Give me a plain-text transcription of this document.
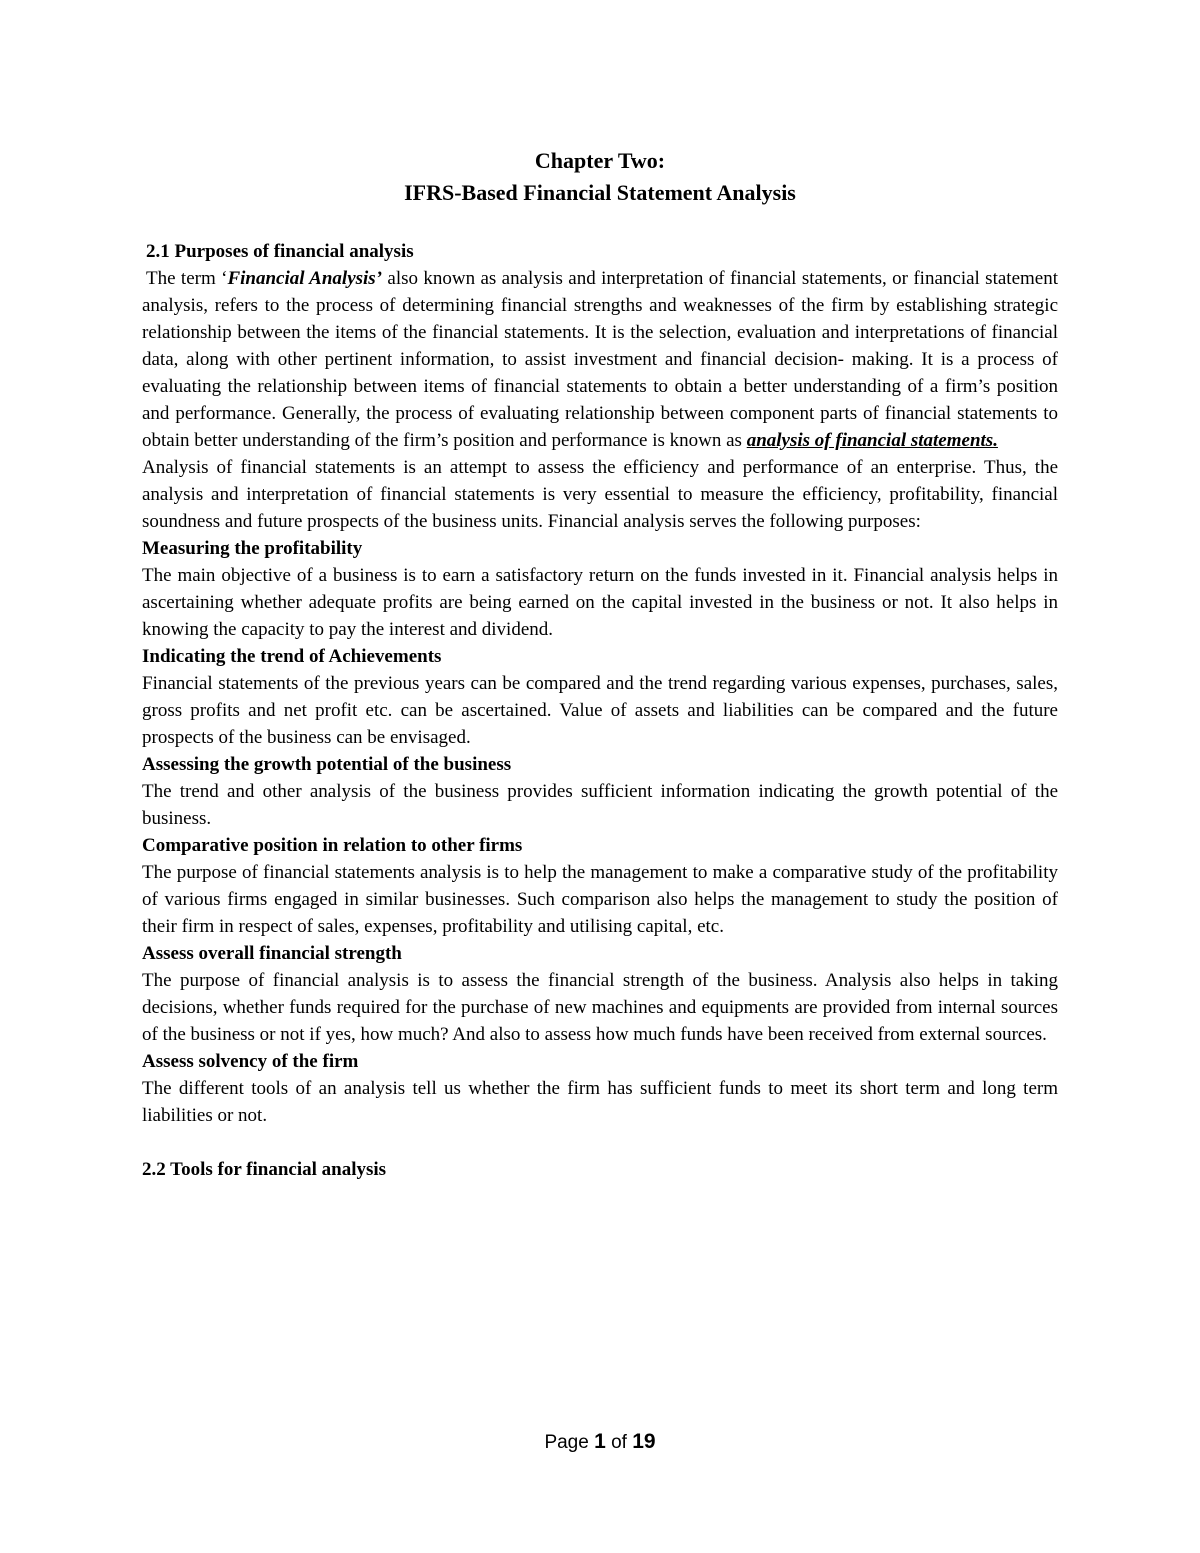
Chapter Two:
IFRS-Based Financial Statement Analysis
2.1 Purposes of financial analysis

The term ‘Financial Analysis’ also known as analysis and interpretation of financial statements, or financial statement analysis, refers to the process of determining financial strengths and weaknesses of the firm by establishing strategic relationship between the items of the financial statements. It is the selection, evaluation and interpretations of financial data, along with other pertinent information, to assist investment and financial decision- making. It is a process of evaluating the relationship between items of financial statements to obtain a better understanding of a firm’s position and performance. Generally, the process of evaluating relationship between component parts of financial statements to obtain better understanding of the firm’s position and performance is known as analysis of financial statements.

Analysis of financial statements is an attempt to assess the efficiency and performance of an enterprise. Thus, the analysis and interpretation of financial statements is very essential to measure the efficiency, profitability, financial soundness and future prospects of the business units. Financial analysis serves the following purposes:

Measuring the profitability

The main objective of a business is to earn a satisfactory return on the funds invested in it. Financial analysis helps in ascertaining whether adequate profits are being earned on the capital invested in the business or not. It also helps in knowing the capacity to pay the interest and dividend.

Indicating the trend of Achievements

Financial statements of the previous years can be compared and the trend regarding various expenses, purchases, sales, gross profits and net profit etc. can be ascertained. Value of assets and liabilities can be compared and the future prospects of the business can be envisaged.

Assessing the growth potential of the business

The trend and other analysis of the business provides sufficient information indicating the growth potential of the business.

Comparative position in relation to other firms

The purpose of financial statements analysis is to help the management to make a comparative study of the profitability of various firms engaged in similar businesses. Such comparison also helps the management to study the position of their firm in respect of sales, expenses, profitability and utilising capital, etc.

Assess overall financial strength

The purpose of financial analysis is to assess the financial strength of the business. Analysis also helps in taking decisions, whether funds required for the purchase of new machines and equipments are provided from internal sources of the business or not if yes, how much? And also to assess how much funds have been received from external sources.

Assess solvency of the firm

The different tools of an analysis tell us whether the firm has sufficient funds to meet its short term and long term liabilities or not.

2.2 Tools for financial analysis
Page 1 of 19
